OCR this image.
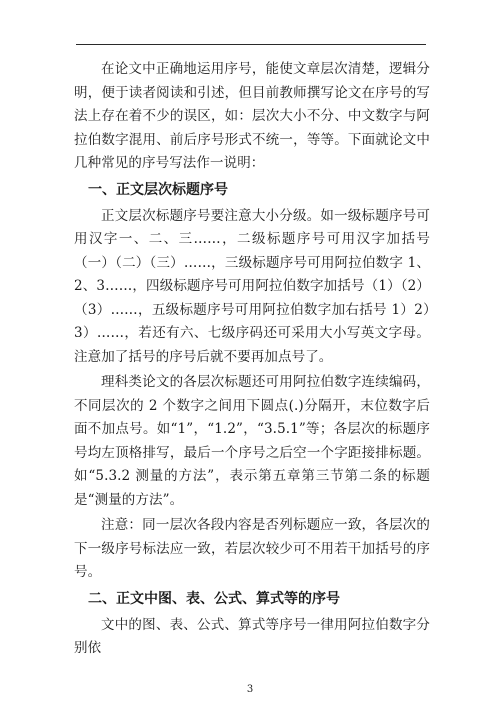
在论文中正确地运用序号，能使文章层次清楚，逻辑分明，便于读者阅读和引述，但目前教师撰写论文在序号的写法上存在着不少的误区，如：层次大小不分、中文数字与阿拉伯数字混用、前后序号形式不统一，等等。下面就论文中几种常见的序号写法作一说明：

一、正文层次标题序号

正文层次标题序号要注意大小分级。如一级标题序号可用汉字一、二、三……，二级标题序号可用汉字加括号（一）（二）（三）……，三级标题序号可用阿拉伯数字 1、2、3……，四级标题序号可用阿拉伯数字加括号（1）（2）（3）……，五级标题序号可用阿拉伯数字加右括号 1）2）3）……，若还有六、七级序码还可采用大小写英文字母。注意加了括号的序号后就不要再加点号了。

理科类论文的各层次标题还可用阿拉伯数字连续编码，不同层次的 2 个数字之间用下圆点(.)分隔开，末位数字后面不加点号。如“1”，“1.2”，“3.5.1”等；各层次的标题序号均左顶格排写，最后一个序号之后空一个字距接排标题。如“5.3.2 测量的方法”，表示第五章第三节第二条的标题是“测量的方法”。

注意：同一层次各段内容是否列标题应一致，各层次的下一级序号标法应一致，若层次较少可不用若干加括号的序号。

二、正文中图、表、公式、算式等的序号

文中的图、表、公式、算式等序号一律用阿拉伯数字分别依

3
